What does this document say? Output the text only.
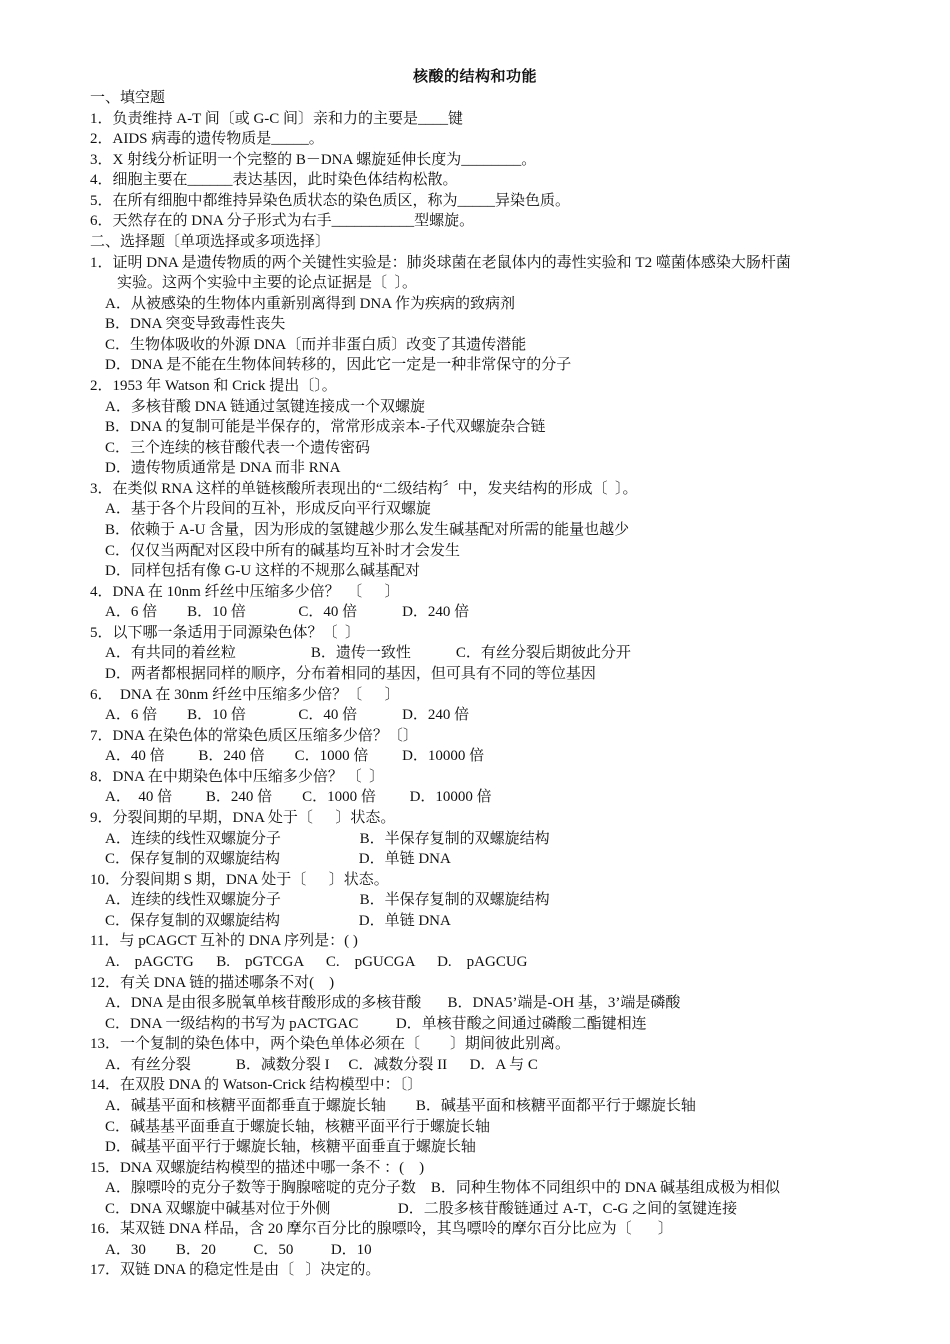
核酸的结构和功能
一、填空题
1．负责维持 A-T 间〔或 G-C 间〕亲和力的主要是____键
2．AIDS 病毒的遗传物质是_____。
3．X 射线分析证明一个完整的 B－DNA 螺旋延伸长度为________。
4．细胞主要在______表达基因，此时染色体结构松散。
5．在所有细胞中都维持异染色质状态的染色质区，称为_____异染色质。
6．天然存在的 DNA 分子形式为右手___________型螺旋。
二、选择题〔单项选择或多项选择〕
1．证明 DNA 是遗传物质的两个关键性实验是：肺炎球菌在老鼠体内的毒性实验和 T2 噬菌体感染大肠杆菌
实验。这两个实验中主要的论点证据是〔  〕。
A．从被感染的生物体内重新别离得到 DNA 作为疾病的致病剂
B．DNA 突变导致毒性丧失
C．生物体吸收的外源 DNA〔而并非蛋白质〕改变了其遗传潜能
D．DNA 是不能在生物体间转移的，因此它一定是一种非常保守的分子
2．1953 年 Watson 和 Crick 提出〔〕。
A．多核苷酸 DNA 链通过氢键连接成一个双螺旋
B．DNA 的复制可能是半保存的，常常形成亲本-子代双螺旋杂合链
C．三个连续的核苷酸代表一个遗传密码
D．遗传物质通常是 DNA 而非 RNA
3．在类似 RNA 这样的单链核酸所表现出的“二级结构〞中，发夹结构的形成〔  〕。
A．基于各个片段间的互补，形成反向平行双螺旋
B．依赖于 A-U 含量，因为形成的氢键越少那么发生碱基配对所需的能量也越少
C．仅仅当两配对区段中所有的碱基均互补时才会发生
D．同样包括有像 G-U 这样的不规那么碱基配对
4．DNA 在 10nm 纤丝中压缩多少倍？  〔      〕
A．6 倍        B．10 倍              C．40 倍            D．240 倍
5．以下哪一条适用于同源染色体？〔  〕
A．有共同的着丝粒                    B．遗传一致性            C．有丝分裂后期彼此分开
D．两者都根据同样的顺序，分布着相同的基因，但可具有不同的等位基因
6．  DNA 在 30nm 纤丝中压缩多少倍？〔      〕
A．6 倍        B．10 倍              C．40 倍            D．240 倍
7．DNA 在染色体的常染色质区压缩多少倍？〔〕
A．40 倍         B．240 倍        C．1000 倍         D．10000 倍
8．DNA 在中期染色体中压缩多少倍？ 〔  〕
A．  40 倍         B．240 倍        C．1000 倍         D．10000 倍
9．分裂间期的早期，DNA 处于〔      〕状态。
A．连续的线性双螺旋分子                     B．半保存复制的双螺旋结构
C．保存复制的双螺旋结构                     D．单链 DNA
10．分裂间期 S 期，DNA 处于〔      〕状态。
A．连续的线性双螺旋分子                     B．半保存复制的双螺旋结构
C．保存复制的双螺旋结构                     D．单链 DNA
11．与 pCAGCT 互补的 DNA 序列是：( )
A.    pAGCTG      B.    pGTCGA      C.    pGUCGA      D.    pAGCUG
12．有关 DNA 链的描述哪条不对(    )
A．DNA 是由很多脱氧单核苷酸形成的多核苷酸       B．DNA5’端是-OH 基，3’端是磷酸
C．DNA 一级结构的书写为 pACTGAC          D．单核苷酸之间通过磷酸二酯键相连
13．一个复制的染色体中，两个染色单体必须在〔        〕期间彼此别离。
A．有丝分裂            B．减数分裂 I     C．减数分裂 II      D．A 与 C
14．在双股 DNA 的 Watson-Crick 结构模型中：〔〕
A．碱基平面和核糖平面都垂直于螺旋长轴        B．碱基平面和核糖平面都平行于螺旋长轴
C．碱基基平面垂直于螺旋长轴，核糖平面平行于螺旋长轴
D．碱基平面平行于螺旋长轴，核糖平面垂直于螺旋长轴
15．DNA 双螺旋结构模型的描述中哪一条不 ：(    )
A．腺嘌呤的克分子数等于胸腺嘧啶的克分子数    B．同种生物体不同组织中的 DNA 碱基组成极为相似
C．DNA 双螺旋中碱基对位于外侧                  D．二股多核苷酸链通过 A-T，C-G 之间的氢键连接
16．某双链 DNA 样品，含 20 摩尔百分比的腺嘌呤，其鸟嘌呤的摩尔百分比应为〔       〕
A．30        B．20          C．50          D．10
17．双链 DNA 的稳定性是由〔   〕决定的。
